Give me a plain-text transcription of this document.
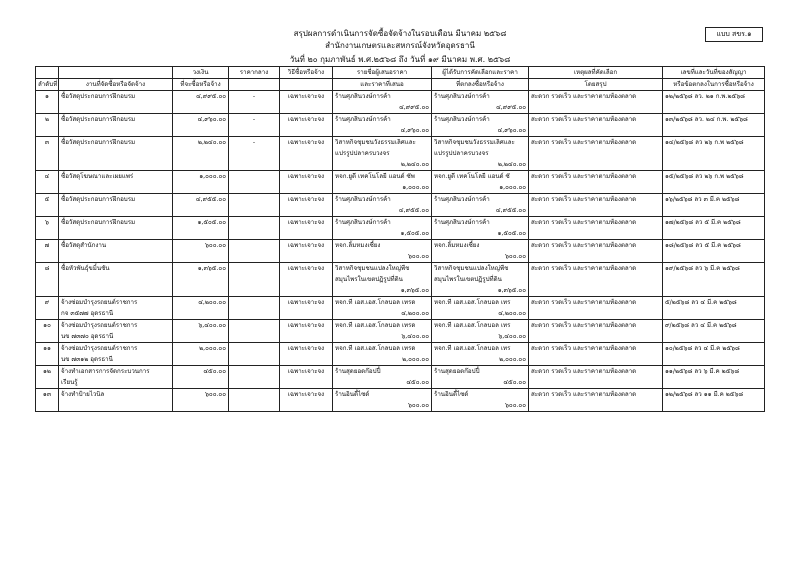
สรุปผลการดำเนินการจัดซื้อจัดจ้างในรอบเดือน มีนาคม ๒๕๖๘
สำนักงานเกษตรและสหกรณ์จังหวัดอุดรธานี
วันที่ ๒๐ กุมภาพันธ์ พ.ศ.๒๕๖๘ ถึง วันที่ ๑๙ มีนาคม พ.ศ. ๒๕๖๘
แบบ สขร.๑
		วงเงิน	ราคากลาง	วิธีซื้อหรือจ้าง	รายชื่อผู้เสนอราคา	ผู้ได้รับการคัดเลือกและราคา	เหตุผลที่คัดเลือก	เลขที่และวันที่ของสัญญา
ลำดับที่	งานที่จัดซื้อหรือจัดจ้าง	ที่จะซื้อหรือจ้าง			และราคาที่เสนอ	ที่ตกลงซื้อหรือจ้าง	โดยสรุป	หรือข้อตกลงในการซื้อหรือจ้าง
๑	ซื้อวัสดุประกอบการฝึกอบรม	๔,๙๙๕.๐๐	-	เฉพาะเจาะจง	ร้านศุภสินวงษ์การค้า	ร้านศุภสินวงษ์การค้า	สะดวก รวดเร็ว และราคาตามท้องตลาด	๑๒/๒๕๖๘ ลว. ๒๑ ก.พ.๒๕๖๘
					๔,๙๙๕.๐๐	๔,๙๙๕.๐๐		
๒	ซื้อวัสดุประกอบการฝึกอบรม	๔,๙๖๐.๐๐	-	เฉพาะเจาะจง	ร้านศุภสินวงษ์การค้า	ร้านศุภสินวงษ์การค้า	สะดวก รวดเร็ว และราคาตามท้องตลาด	๑๓/๒๕๖๘ ลว. ๒๔ ก.พ. ๒๕๖๘
					๔,๙๖๐.๐๐	๔,๙๖๐.๐๐		
๓	ซื้อวัสดุประกอบการฝึกอบรม	๒,๒๔๐.๐๐	-	เฉพาะเจาะจง	วิสาหกิจชุมชนวังธรรมเลิศและ	วิสาหกิจชุมชนวังธรรมเลิศและ	สะดวก รวดเร็ว และราคาตามท้องตลาด	๑๔/๒๕๖๘ ลว ๒๖ ก.พ ๒๕๖๘
					แปรรูปปลาครบวงจร	แปรรูปปลาครบวงจร		
					๒,๒๔๐.๐๐	๒,๒๔๐.๐๐		
๔	ซื้อวัสดุโฆษณาและเผยแพร่	๑,๐๐๐.๐๐		เฉพาะเจาะจง	หจก.ยูดี เทคโนโลยี แอนด์ ซัพ	หจก.ยูดี เทคโนโลยี แอนด์ ซั	สะดวก รวดเร็ว และราคาตามท้องตลาด	๑๕/๒๕๖๘ ลว ๒๖ ก.พ ๒๕๖๘
					๑,๐๐๐.๐๐	๑,๐๐๐.๐๐		
๕	ซื้อวัสดุประกอบการฝึกอบรม	๔,๙๕๕.๐๐		เฉพาะเจาะจง	ร้านศุภสินวงษ์การค้า	ร้านศุภสินวงษ์การค้า	สะดวก รวดเร็ว และราคาตามท้องตลาด	๑๖/๒๕๖๘ ลว ๓ มี.ค ๒๕๖๘
					๔,๙๕๕.๐๐	๔,๙๕๕.๐๐		
๖	ซื้อวัสดุประกอบการฝึกอบรม	๑,๕๐๕.๐๐		เฉพาะเจาะจง	ร้านศุภสินวงษ์การค้า	ร้านศุภสินวงษ์การค้า	สะดวก รวดเร็ว และราคาตามท้องตลาด	๑๗/๒๕๖๘ ลว ๕ มี.ค ๒๕๖๘
					๑,๕๐๕.๐๐	๑,๕๐๕.๐๐		
๗	ซื้อวัสดุสำนักงาน	๖๐๐.๐๐		เฉพาะเจาะจง	หจก.ลิ้มหมงเซี้ยง	หจก.ลิ้มหมงเซี้ยง	สะดวก รวดเร็ว และราคาตามท้องตลาด	๑๘/๒๕๖๘ ลว ๕ มี.ค ๒๕๖๘
					๖๐๐.๐๐	๖๐๐.๐๐		
๘	ซื้อหัวพันธุ์ขมิ้นชัน	๑,๓๖๕.๐๐		เฉพาะเจาะจง	วิสาหกิจชุมชนแปลงใหญ่พืช	วิสาหกิจชุมชนแปลงใหญ่พืช	สะดวก รวดเร็ว และราคาตามท้องตลาด	๑๙/๒๕๖๘ ลว ๖ มี.ค ๒๕๖๘
					สมุนไพรในเขตปฏิรูปที่ดิน	สมุนไพรในเขตปฏิรูปที่ดิน		
					๑,๓๖๕.๐๐	๑,๓๖๕.๐๐		
๙	จ้างซ่อมบำรุงรถยนต์ราชการ	๔,๒๐๐.๐๐		เฉพาะเจาะจง	หจก.ที เอส.เอส.โกลบอล เทรด	หจก.ที เอส.เอส.โกลบอล เทร	สะดวก รวดเร็ว และราคาตามท้องตลาด	๕/๒๕๖๘ ลว ๔ มี.ค ๒๕๖๘
	กจ ๓๕๗๗ อุดรธานี				๔,๒๐๐.๐๐	๔,๒๐๐.๐๐		
๑๐	จ้างซ่อมบำรุงรถยนต์ราชการ	๖,๔๐๐.๐๐		เฉพาะเจาะจง	หจก.ที เอส.เอส.โกลบอล เทรด	หจก.ที เอส.เอส.โกลบอล เทร	สะดวก รวดเร็ว และราคาตามท้องตลาด	๙/๒๕๖๘ ลว ๔ มี.ค ๒๕๖๘
	นข ๗๓๗๐ อุดรธานี				๖,๔๐๐.๐๐	๖,๔๐๐.๐๐		
๑๑	จ้างซ่อมบำรุงรถยนต์ราชการ	๒,๐๐๐.๐๐		เฉพาะเจาะจง	หจก.ที เอส.เอส.โกลบอล เทรด	หจก.ที เอส.เอส.โกลบอล เทร	สะดวก รวดเร็ว และราคาตามท้องตลาด	๑๐/๒๕๖๘ ลว ๔ มี.ค ๒๕๖๘
	นข ๗๓๑๒ อุดรธานี				๒,๐๐๐.๐๐	๒,๐๐๐.๐๐		
๑๒	จ้างทำเอกสารการจัดกระบวนการ	๔๕๐.๐๐		เฉพาะเจาะจง	ร้านสุดยอดก๊อปปี้	ร้านสุดยอดก๊อปปี้	สะดวก รวดเร็ว และราคาตามท้องตลาด	๑๑/๒๕๖๘ ลว ๖ มี.ค ๒๕๖๘
	เรียนรู้				๔๕๐.๐๐	๔๕๐.๐๐		
๑๓	จ้างทำป้ายไวนิล	๖๐๐.๐๐		เฉพาะเจาะจง	ร้านอินดี้ไซด์	ร้านอินดี้ไซด์	สะดวก รวดเร็ว และราคาตามท้องตลาด	๑๒/๒๕๖๘ ลว ๑๑ มี.ค ๒๕๖๘
					๖๐๐.๐๐	๖๐๐.๐๐		
